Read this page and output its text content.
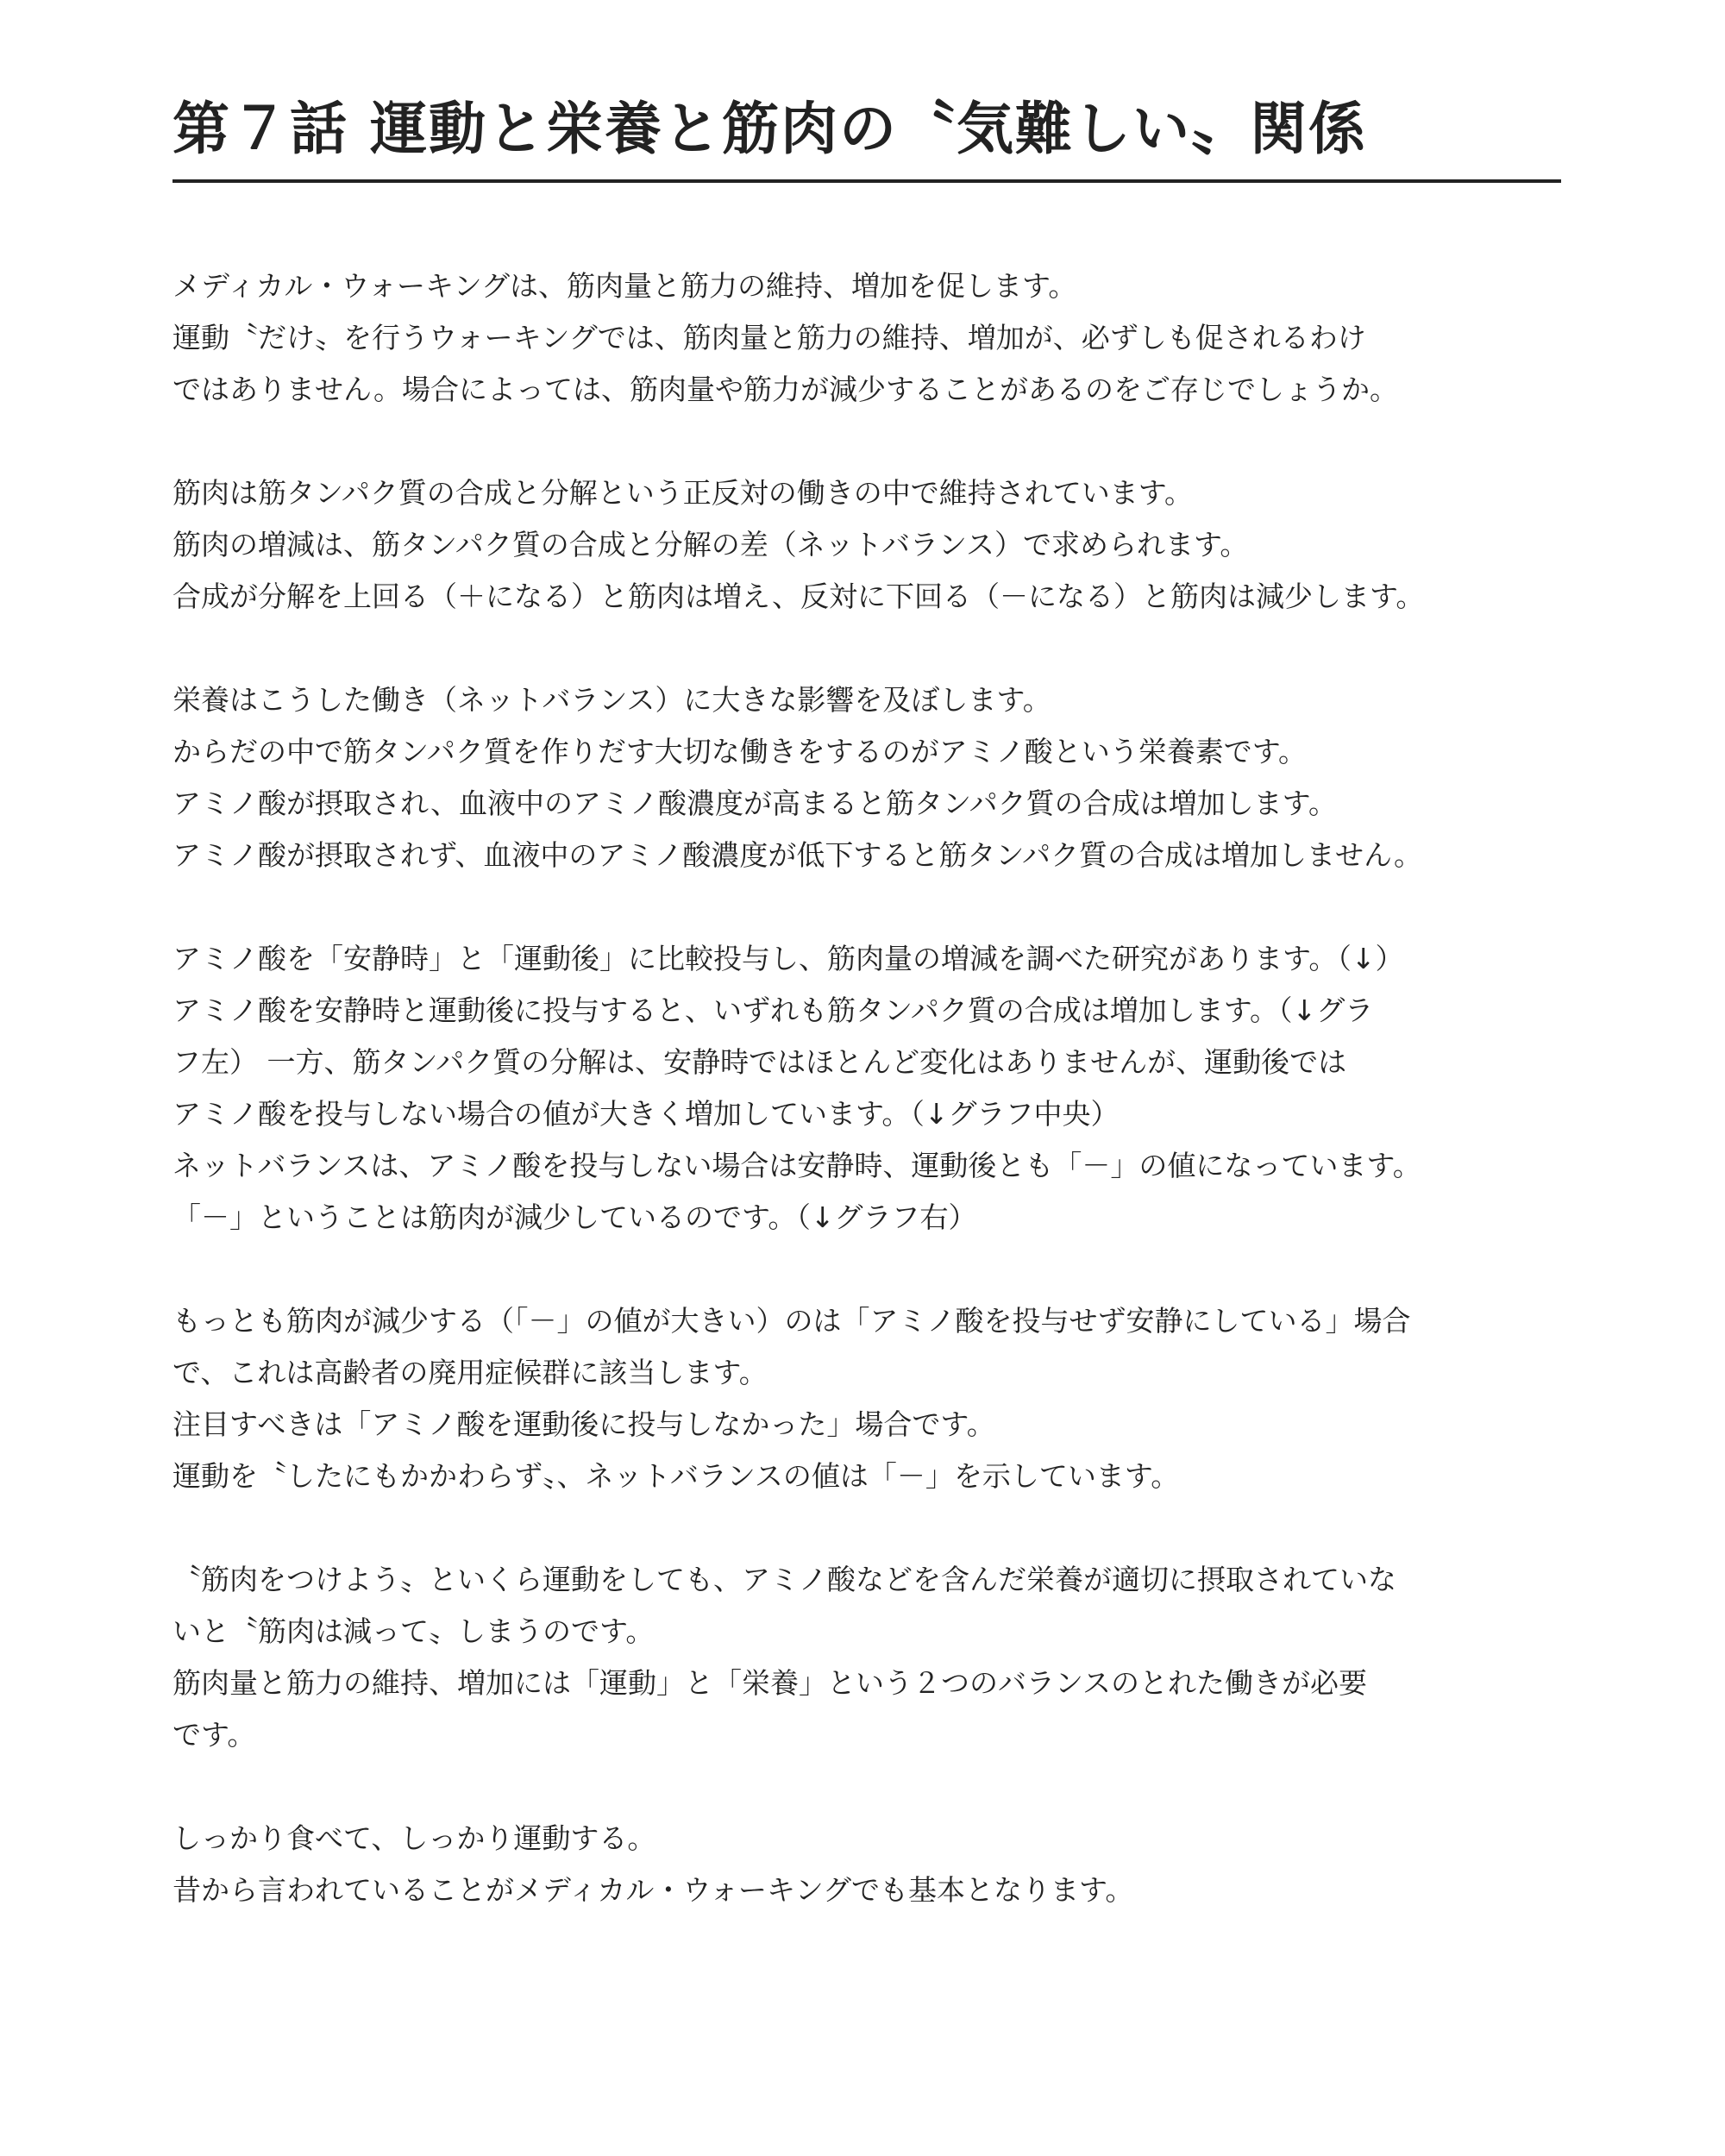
第７話 運動と栄養と筋肉の〝気難しい〟関係

メディカル・ウォーキングは、筋肉量と筋力の維持、増加を促します。

運動〝だけ〟を行うウォーキングでは、筋肉量と筋力の維持、増加が、必ずしも促されるわけ

ではありません。場合によっては、筋肉量や筋力が減少することがあるのをご存じでしょうか。

筋肉は筋タンパク質の合成と分解という正反対の働きの中で維持されています。

筋肉の増減は、筋タンパク質の合成と分解の差（ネットバランス）で求められます。

合成が分解を上回る（＋になる）と筋肉は増え、反対に下回る（－になる）と筋肉は減少します。

栄養はこうした働き（ネットバランス）に大きな影響を及ぼします。

からだの中で筋タンパク質を作りだす大切な働きをするのがアミノ酸という栄養素です。

アミノ酸が摂取され、血液中のアミノ酸濃度が高まると筋タンパク質の合成は増加します。

アミノ酸が摂取されず、血液中のアミノ酸濃度が低下すると筋タンパク質の合成は増加しません。

アミノ酸を「安静時」と「運動後」に比較投与し、筋肉量の増減を調べた研究があります。（↓）

アミノ酸を安静時と運動後に投与すると、いずれも筋タンパク質の合成は増加します。（↓グラ

フ左） 一方、筋タンパク質の分解は、安静時ではほとんど変化はありませんが、運動後では

アミノ酸を投与しない場合の値が大きく増加しています。（↓グラフ中央）

ネットバランスは、アミノ酸を投与しない場合は安静時、運動後とも「－」の値になっています。

「－」ということは筋肉が減少しているのです。（↓グラフ右）

もっとも筋肉が減少する（「－」の値が大きい）のは「アミノ酸を投与せず安静にしている」場合

で、これは高齢者の廃用症候群に該当します。

注目すべきは「アミノ酸を運動後に投与しなかった」場合です。

運動を〝したにもかかわらず〟、ネットバランスの値は「－」を示しています。

〝筋肉をつけよう〟といくら運動をしても、アミノ酸などを含んだ栄養が適切に摂取されていな

いと〝筋肉は減って〟しまうのです。

筋肉量と筋力の維持、増加には「運動」と「栄養」という２つのバランスのとれた働きが必要

です。

しっかり食べて、しっかり運動する。

昔から言われていることがメディカル・ウォーキングでも基本となります。
